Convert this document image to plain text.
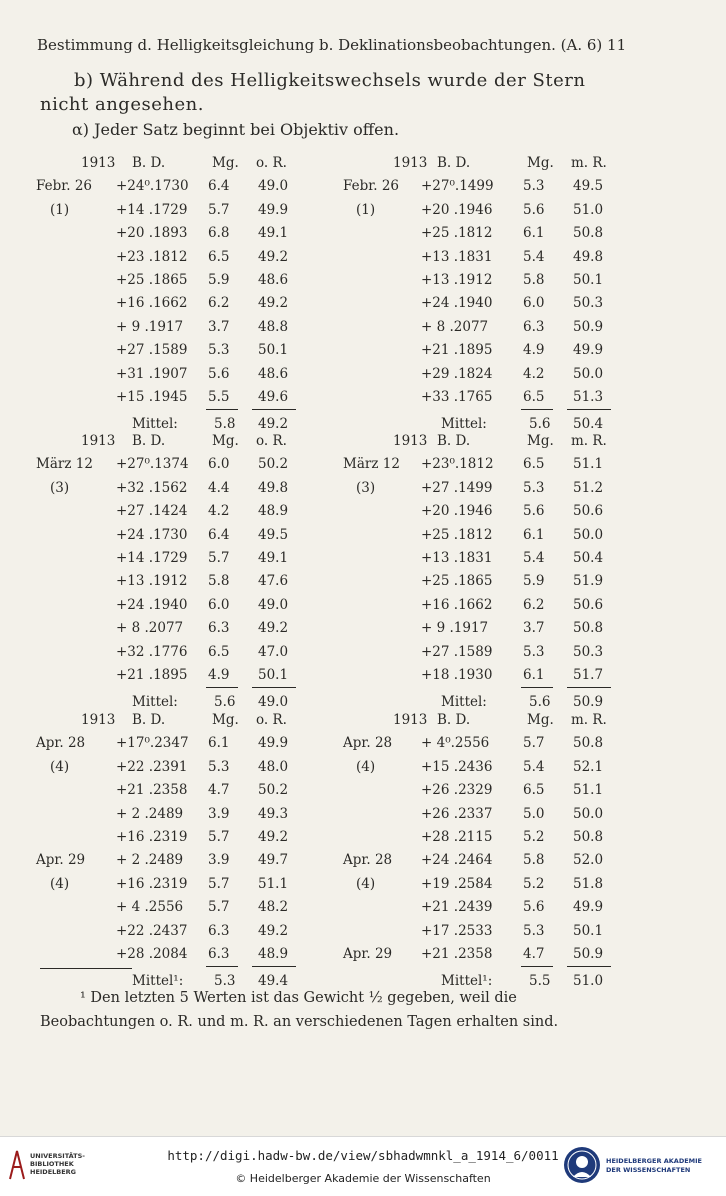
Bestimmung d. Helligkeitsgleichung b. Deklinationsbeobachtungen. (A. 6) 11
b) Während des Helligkeitswechsels wurde der Stern
nicht angesehen.
α) Jeder Satz beginnt bei Objektiv offen.
1913 B. D.	Mg. o. R.
Febr. 26 +24⁰.1730 6.4 49.0
(1)	+14 .1729 5.7 49.9
+20 .1893 6.8 49.1
+23 .1812 6.5 49.2
+25 .1865 5.9 48.6
+16 .1662 6.2 49.2
+ 9 .1917 3.7 48.8
+27 .1589 5.3 50.1
+31 .1907 5.6 48.6
+15 .1945 5.5 49.6
Mittel:	5.8 49.2
1913 B. D.	Mg. m. R.
Febr. 26 +27⁰.1499 5.3 49.5
(1)	+20 .1946 5.6 51.0
+25 .1812 6.1 50.8
+13 .1831 5.4 49.8
+13 .1912 5.8 50.1
+24 .1940 6.0 50.3
+ 8 .2077	6.3 50.9
+21 .1895 4.9 49.9
+29 .1824 4.2 50.0
+33 .1765 6.5 51.3
Mittel:	5.6 50.4
1913 B. D.	Mg. o. R.
März 12 +27⁰.1374 6.0 50.2
(3)	+32 .1562 4.4 49.8
+27 .1424 4.2 48.9
+24 .1730 6.4 49.5
+14 .1729 5.7 49.1
+13 .1912 5.8 47.6
+24 .1940 6.0 49.0
+ 8 .2077 6.3 49.2
+32 .1776 6.5 47.0
+21 .1895 4.9 50.1
Mittel:	5.6 49.0
1913 B. D.	Mg. m. R.
März 12 +23⁰.1812 6.5 51.1
(3)	+27 .1499 5.3 51.2
+20 .1946 5.6 50.6
+25 .1812 6.1 50.0
+13 .1831 5.4 50.4
+25 .1865 5.9 51.9
+16 .1662 6.2 50.6
+ 9 .1917	3.7 50.8
+27 .1589 5.3 50.3
+18 .1930 6.1 51.7
Mittel:	5.6 50.9
1913 B. D.	Mg. o. R.
Apr. 28 +17⁰.2347 6.1 49.9
(4)	+22 .2391 5.3 48.0
+21 .2358 4.7 50.2
+ 2 .2489 3.9 49.3
+16 .2319 5.7 49.2
Apr. 29 + 2 .2489 3.9 49.7
(4)	+16 .2319 5.7 51.1
+ 4 .2556 5.7 48.2
+22 .2437 6.3 49.2
+28 .2084 6.3 48.9
Mittel¹: 5.3 49.4
1913 B. D.	Mg. m. R.
Apr. 28 + 4⁰.2556 5.7 50.8
(4)	+15 .2436 5.4 52.1
+26 .2329 6.5 51.1
+26 .2337 5.0 50.0
+28 .2115 5.2 50.8
Apr. 28 +24 .2464 5.8 52.0
(4)	+19 .2584 5.2 51.8
+21 .2439 5.6 49.9
+17 .2533 5.3 50.1
Apr. 29 +21 .2358 4.7 50.9
Mittel¹:	5.5 51.0
¹ Den letzten 5 Werten ist das Gewicht ½ gegeben, weil die Beobachtungen o. R. und m. R. an verschiedenen Tagen erhalten sind.
UNIVERSITÄTS-
BIBLIOTHEK
HEIDELBERG
http://digi.hadw-bw.de/view/sbhadwmnkl_a_1914_6/0011
© Heidelberger Akademie der Wissenschaften
HEIDELBERGER AKADEMIE
DER WISSENSCHAFTEN
